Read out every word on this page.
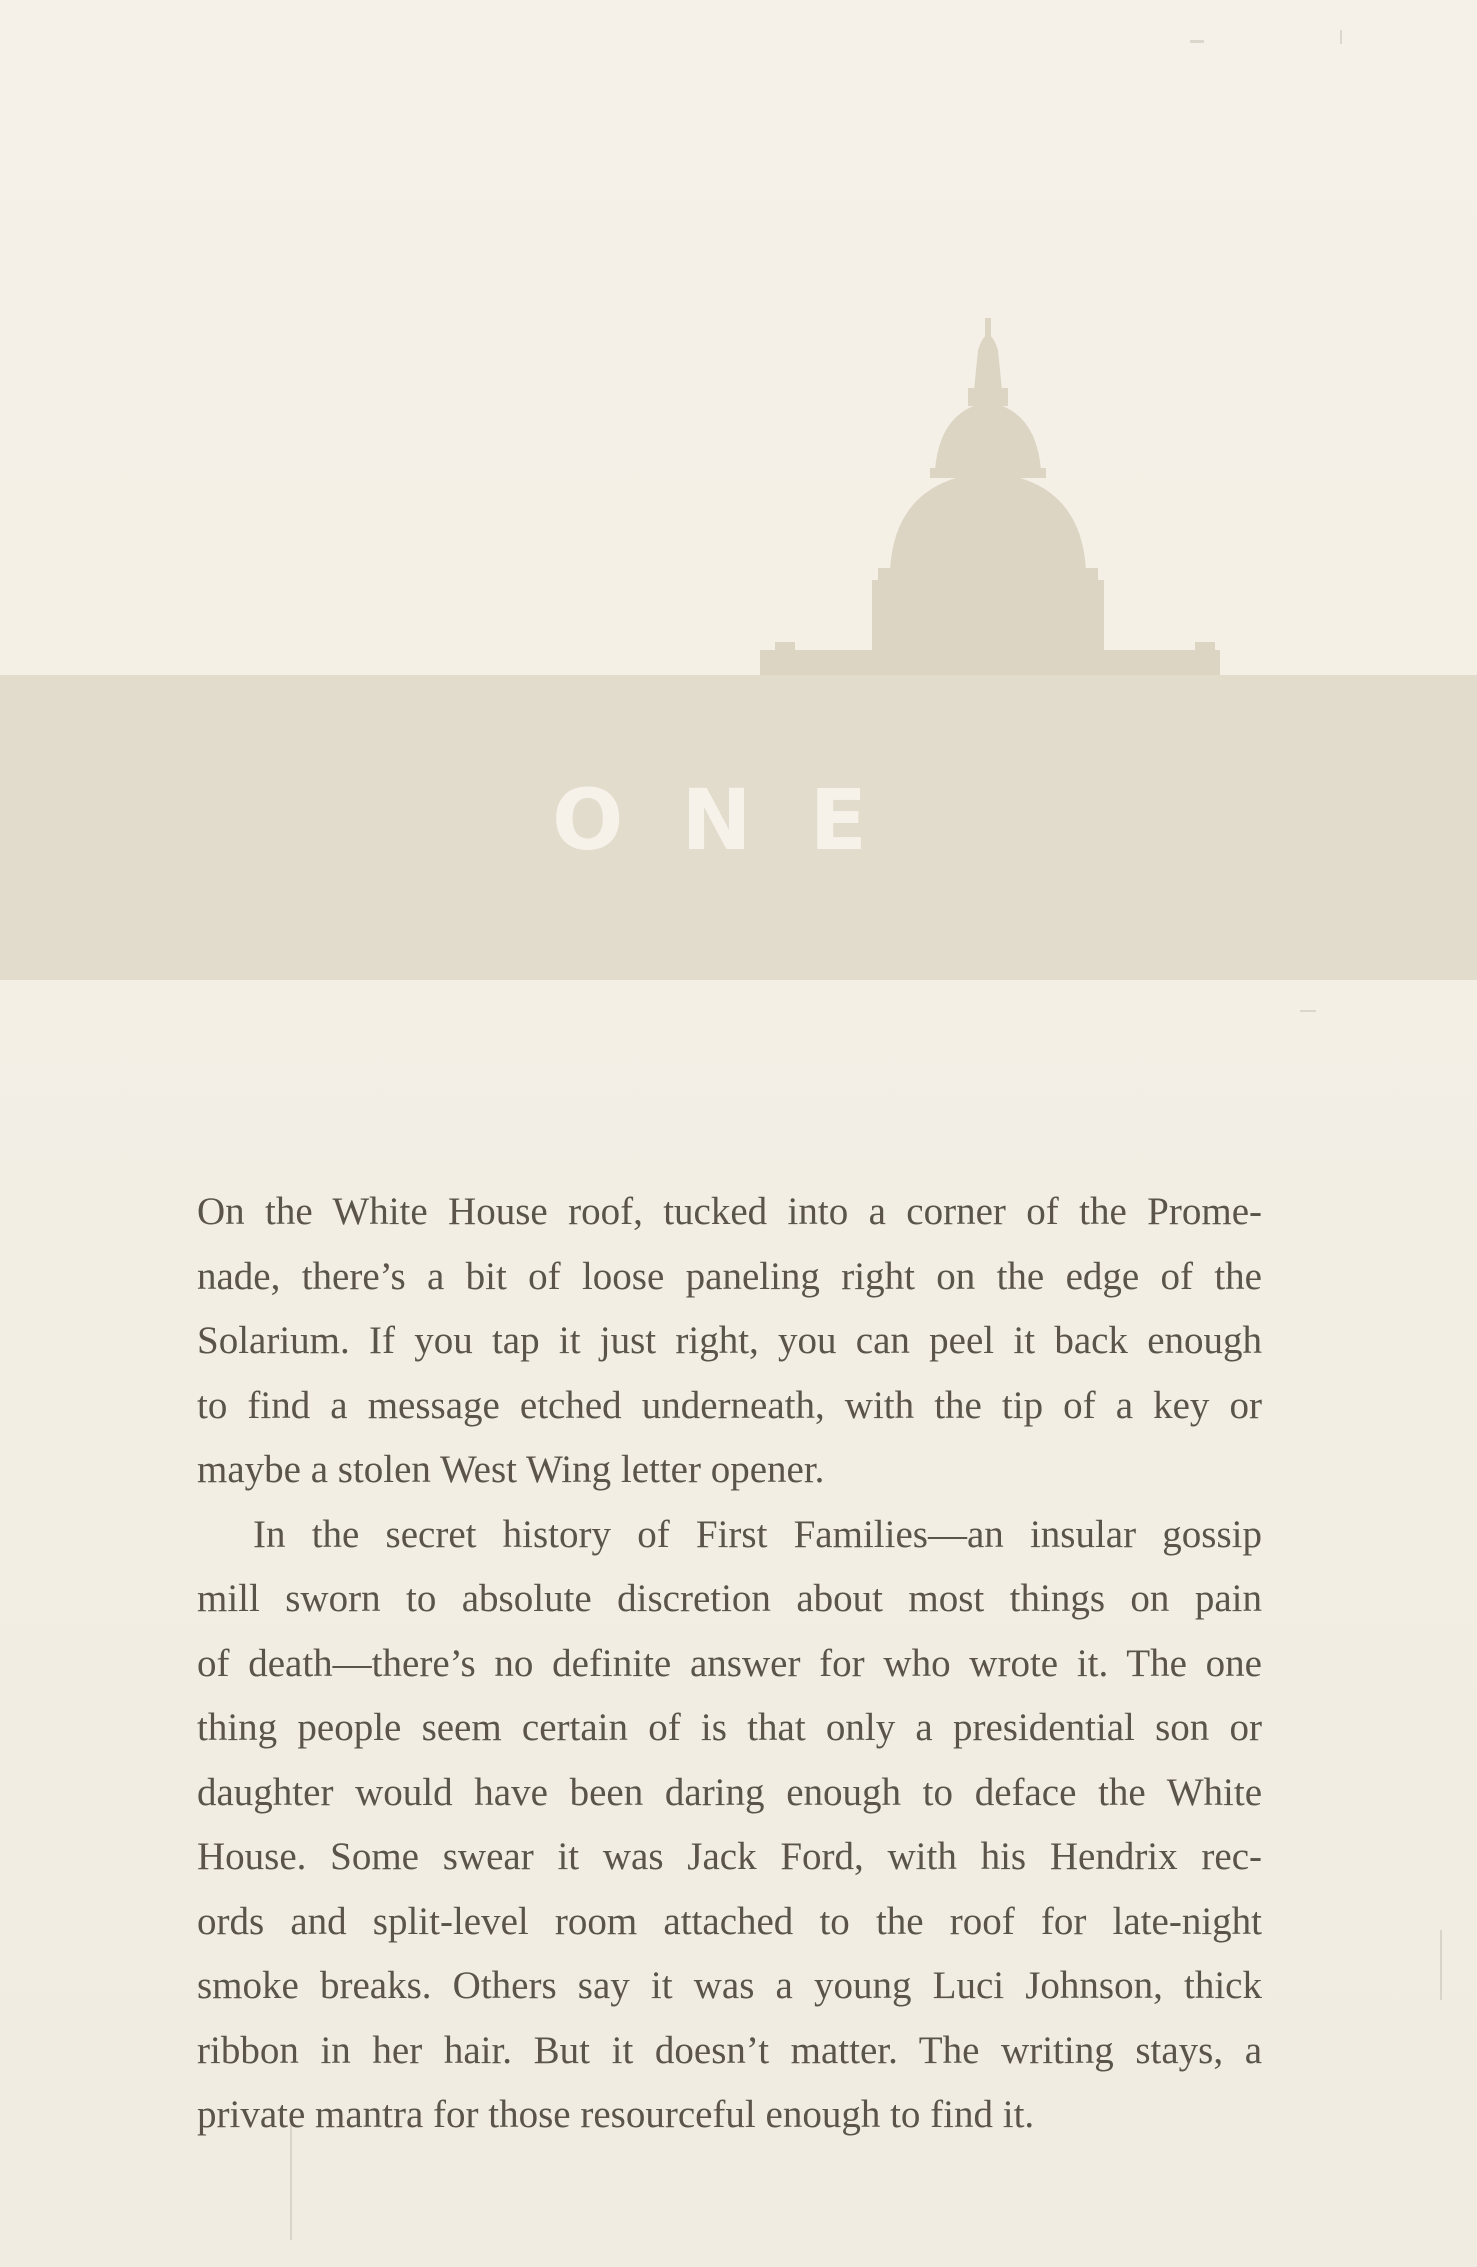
ONE

On the White House roof, tucked into a corner of the Prome-
nade, there’s a bit of loose paneling right on the edge of the
Solarium. If you tap it just right, you can peel it back enough
to find a message etched underneath, with the tip of a key or
maybe a stolen West Wing letter opener.

In the secret history of First Families—an insular gossip
mill sworn to absolute discretion about most things on pain
of death—there’s no definite answer for who wrote it. The one
thing people seem certain of is that only a presidential son or
daughter would have been daring enough to deface the White
House. Some swear it was Jack Ford, with his Hendrix rec-
ords and split-level room attached to the roof for late-night
smoke breaks. Others say it was a young Luci Johnson, thick
ribbon in her hair. But it doesn’t matter. The writing stays, a
private mantra for those resourceful enough to find it.
